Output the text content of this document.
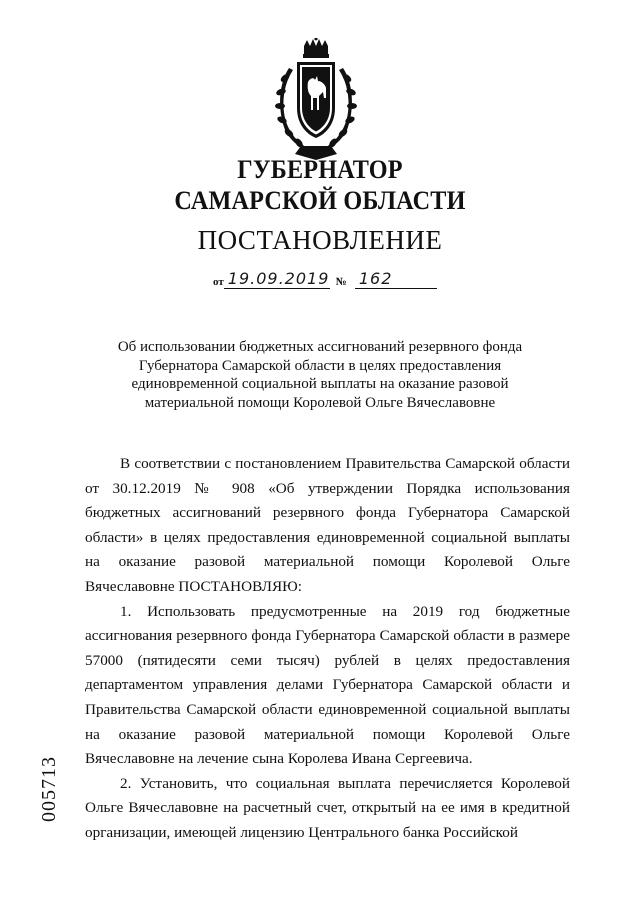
ГУБЕРНАТОР
САМАРСКОЙ ОБЛАСТИ
ПОСТАНОВЛЕНИЕ
от 19.09.2019 № 162
Об использовании бюджетных ассигнований резервного фонда Губернатора Самарской области в целях предоставления единовременной социальной выплаты на оказание разовой материальной помощи Королевой Ольге Вячеславовне

В соответствии с постановлением Правительства Самарской области от 30.12.2019 № 908 «Об утверждении Порядка использования бюджетных ассигнований резервного фонда Губернатора Самарской области» в целях предоставления единовременной социальной выплаты на оказание разовой материальной помощи Королевой Ольге Вячеславовне ПОСТАНОВЛЯЮ:

1. Использовать предусмотренные на 2019 год бюджетные ассигнования резервного фонда Губернатора Самарской области в размере 57000 (пятидесяти семи тысяч) рублей в целях предоставления департаментом управления делами Губернатора Самарской области и Правительства Самарской области единовременной социальной выплаты на оказание разовой материальной помощи Королевой Ольге Вячеславовне на лечение сына Королева Ивана Сергеевича.

2. Установить, что социальная выплата перечисляется Королевой Ольге Вячеславовне на расчетный счет, открытый на ее имя в кредитной организации, имеющей лицензию Центрального банка Российской

005713
